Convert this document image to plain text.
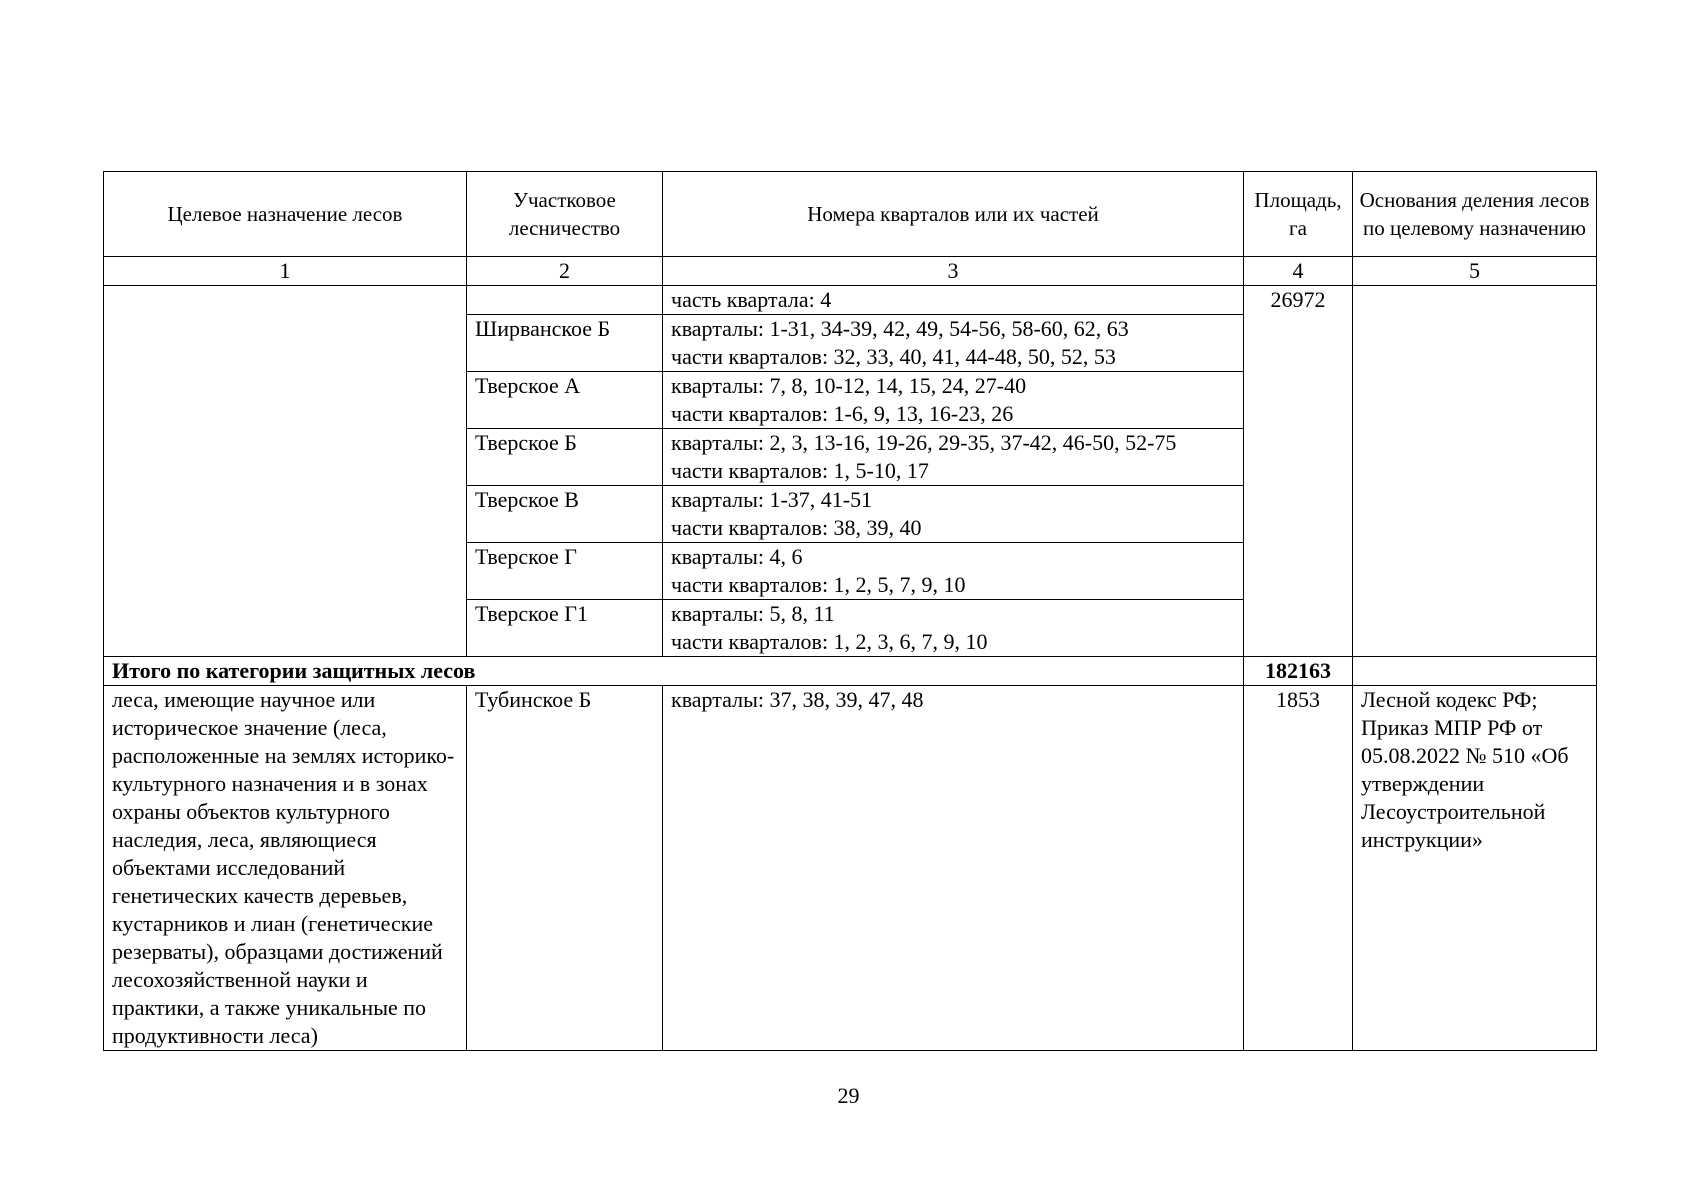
Целевое назначение лесов	Участковое лесничество	Номера кварталов или их частей	Площадь, га	Основания деления лесов по целевому назначению
1	2	3	4	5

		часть квартала: 4	26972	
	Ширванское Б	кварталы: 1-31, 34-39, 42, 49, 54-56, 58-60, 62, 63
части кварталов: 32, 33, 40, 41, 44-48, 50, 52, 53		

	Тверское А	кварталы: 7, 8, 10-12, 14, 15, 24, 27-40
части кварталов: 1-6, 9, 13, 16-23, 26		

	Тверское Б	кварталы: 2, 3, 13-16, 19-26, 29-35, 37-42, 46-50, 52-75
части кварталов: 1, 5-10, 17		

	Тверское В	кварталы: 1-37, 41-51
части кварталов: 38, 39, 40		

	Тверское Г	кварталы: 4, 6
части кварталов: 1, 2, 5, 7, 9, 10		

	Тверское Г1	кварталы: 5, 8, 11
части кварталов: 1, 2, 3, 6, 7, 9, 10		

Итого по категории защитных лесов			182163	

леса, имеющие научное или историческое значение (леса, расположенные на землях историко-культурного назначения и в зонах охраны объектов культурного наследия, леса, являющиеся объектами исследований генетических качеств деревьев, кустарников и лиан (генетические резерваты), образцами достижений лесохозяйственной науки и практики, а также уникальные по продуктивности леса)	Тубинское Б	кварталы: 37, 38, 39, 47, 48	1853	Лесной кодекс РФ; Приказ МПР РФ от 05.08.2022 № 510 «Об утверждении Лесоустроительной инструкции»
29
